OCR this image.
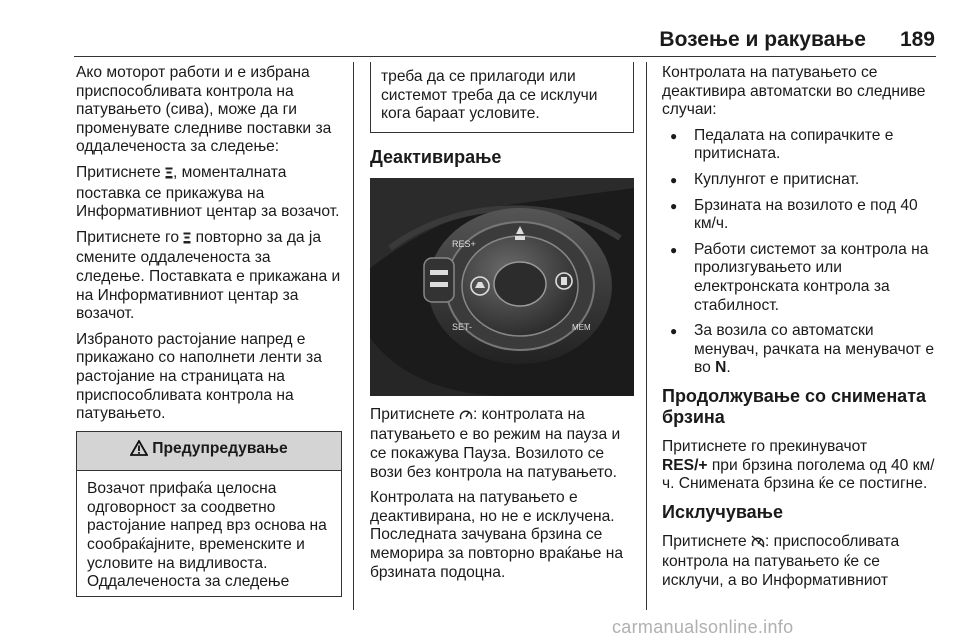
Возење и ракување	189

Ако моторот работи и е избрана приспособливата контрола на патувањето (сива), може да ги променувате следниве поставки за оддалеченоста за следење:

Притиснете , моменталната поставка се прикажува на Информативниот центар за возачот.

Притиснете го  повторно за да ја смените оддалеченоста за следење. Поставката е прикажана и на Информативниот центар за возачот.

Избраното растојание напред е прикажано со наполнети ленти за растојание на страницата на приспособливата контрола на патувањето.

Предупредување

Возачот прифаќа целосна одговорност за соодветно растојание напред врз основа на сообраќајните, временските и условите на видливоста. Оддалеченоста за следење

треба да се прилагоди или системот треба да се исклучи кога бараат условите.

Деактивирање
RES+
SET-	MEM

Притиснете : контролата на патувањето е во режим на пауза и се покажува Пауза. Возилото се вози без контрола на патувањето.

Контролата на патувањето е деактивирана, но не е исклучена. Последната зачувана брзина се меморира за повторно враќање на брзината подоцна.

Контролата на патувањето се деактивира автоматски во следниве случаи:

● Педалата на сопирачките е притисната.
● Куплунгот е притиснат.
● Брзината на возилото е под 40 км/ч.
● Работи системот за контрола на пролизгувањето или електронската контрола за стабилност.
● За возила со автоматски менувач, рачката на менувачот е во N.
Продолжување со снимената брзина

Притиснете го прекинувачот
RES/+ при брзина поголема од 40 км/ч. Снимената брзина ќе се постигне.

Исклучување

Притиснете : приспособливата контрола на патувањето ќе се исклучи, а во Информативниот

carmanualsonline.info
